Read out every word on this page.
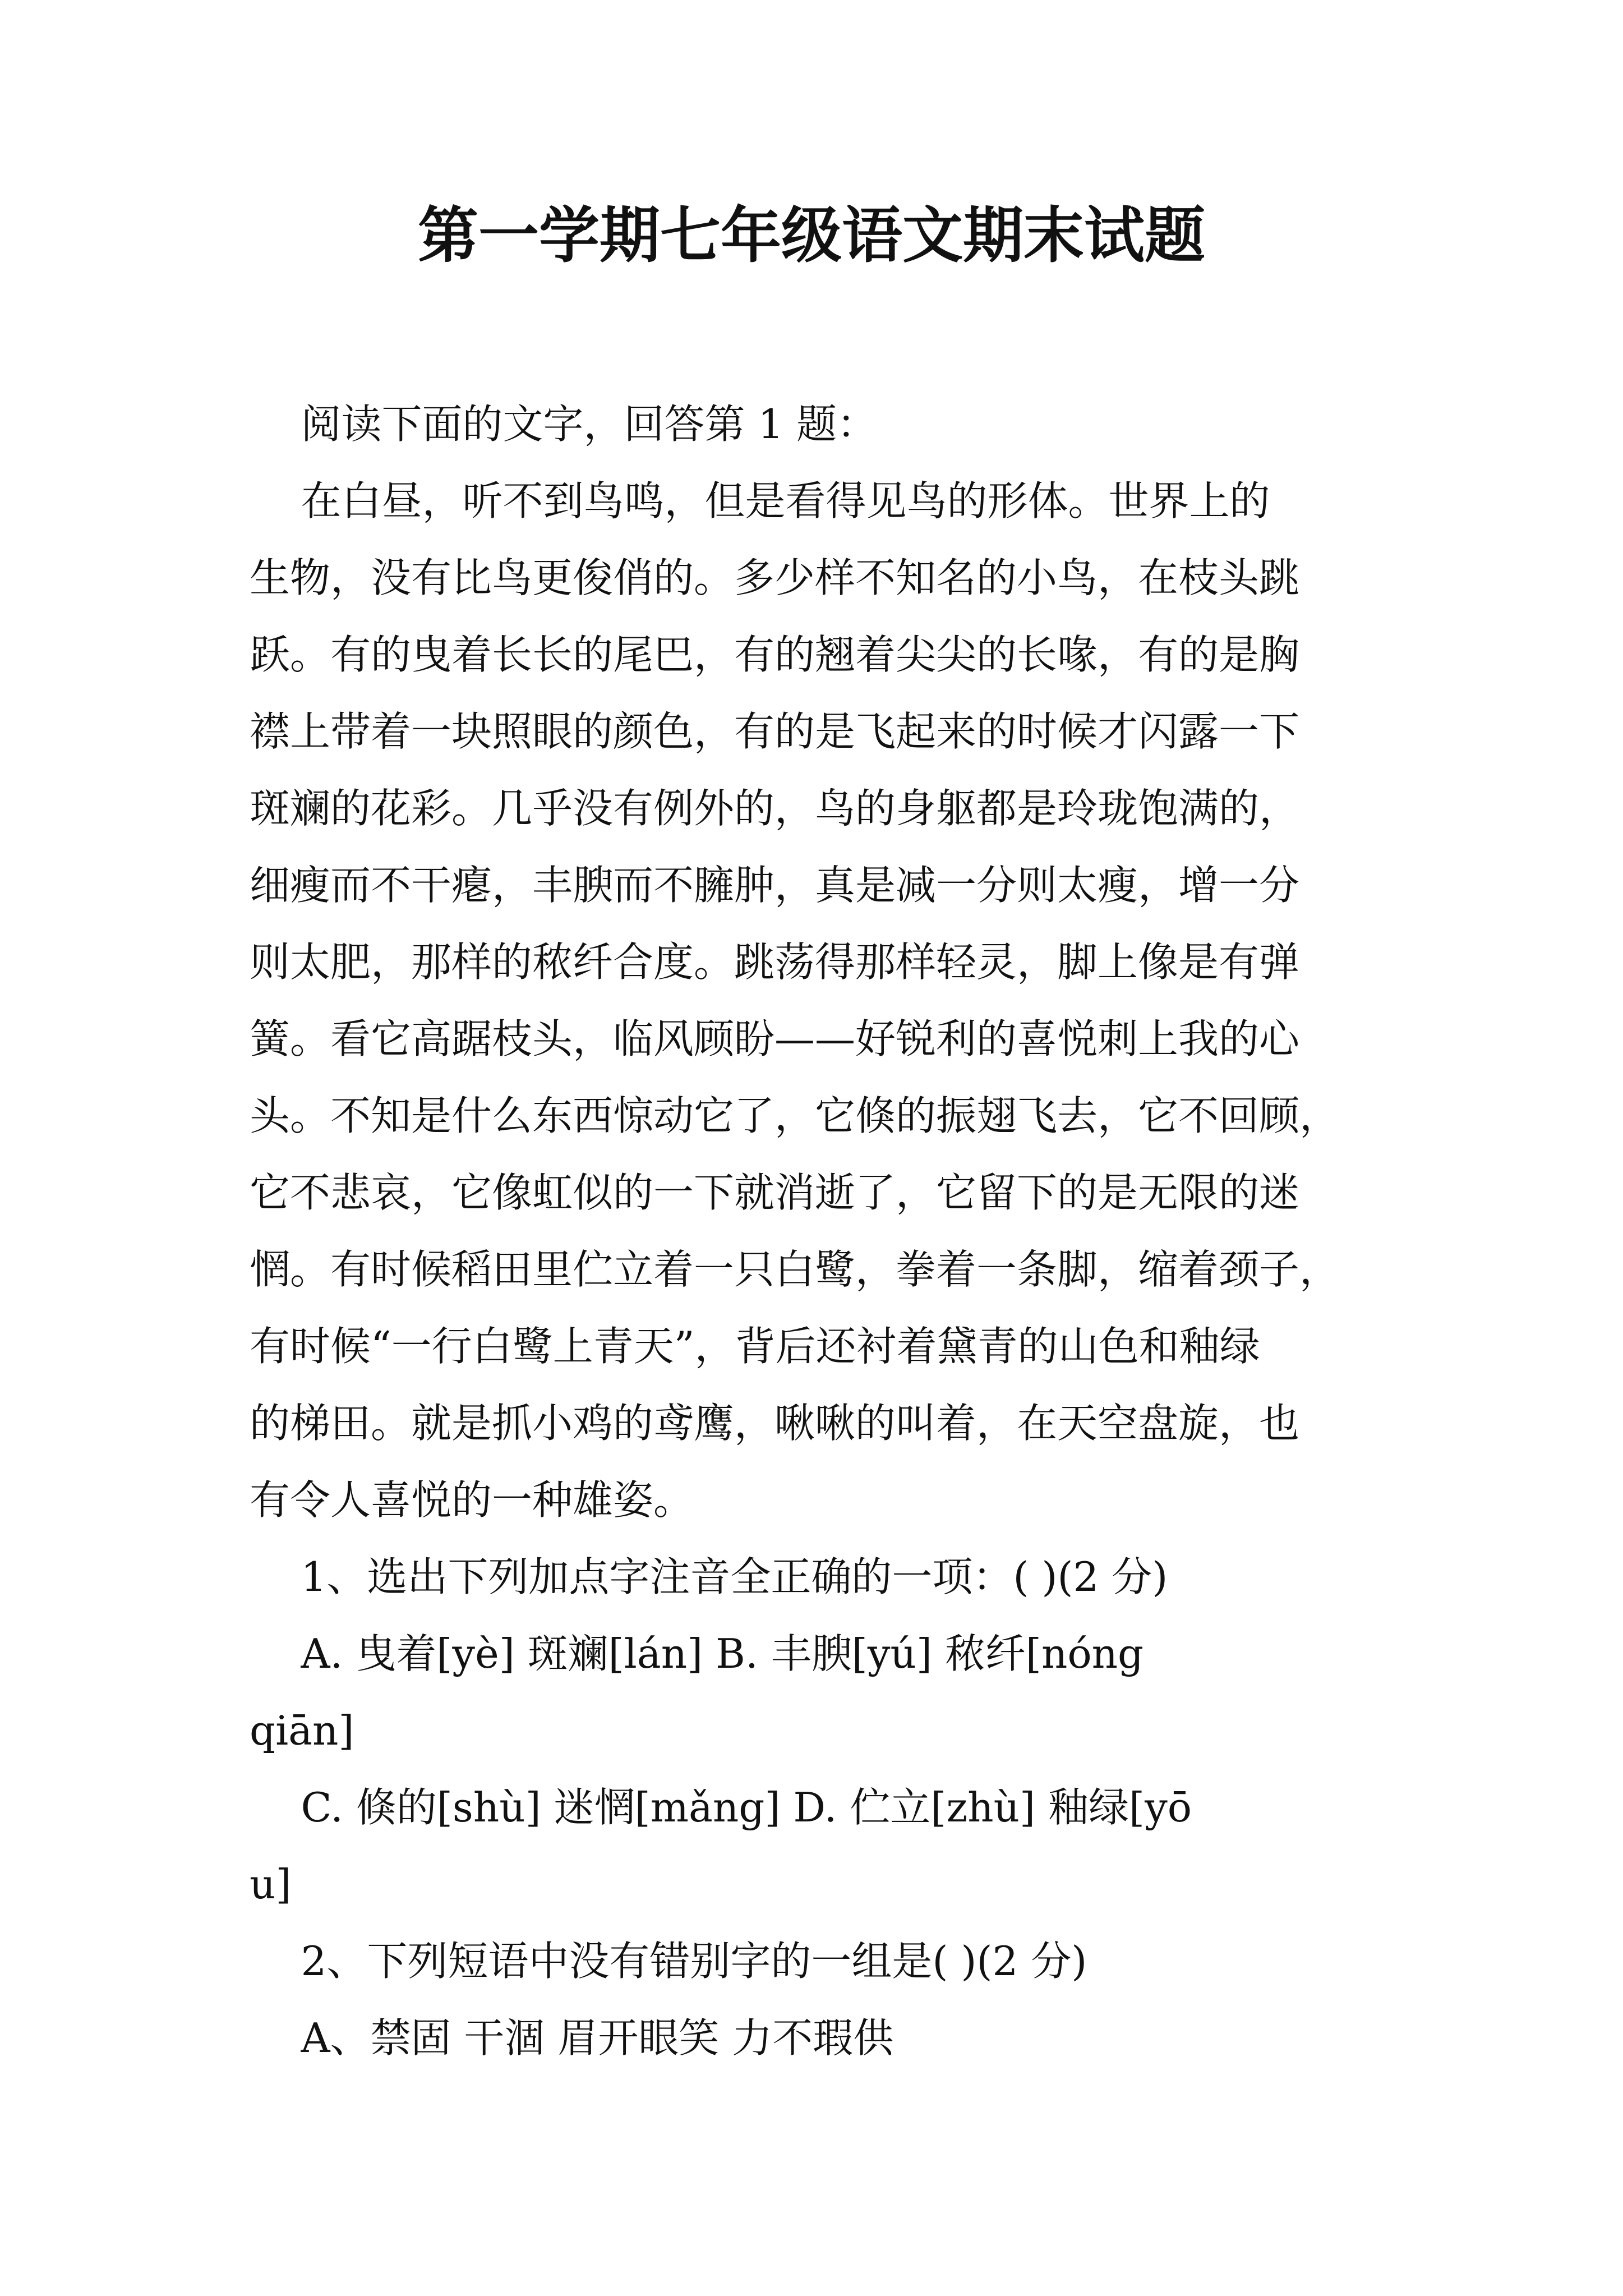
第一学期七年级语文期末试题

阅读下面的文字，回答第 1 题：

在白昼，听不到鸟鸣，但是看得见鸟的形体。世界上的

生物，没有比鸟更俊俏的。多少样不知名的小鸟，在枝头跳

跃。有的曳着长长的尾巴，有的翘着尖尖的长喙，有的是胸

襟上带着一块照眼的颜色，有的是飞起来的时候才闪露一下

斑斓的花彩。几乎没有例外的，鸟的身躯都是玲珑饱满的，

细瘦而不干瘪，丰腴而不臃肿，真是减一分则太瘦，增一分

则太肥，那样的秾纤合度。跳荡得那样轻灵，脚上像是有弹

簧。看它高踞枝头，临风顾盼——好锐利的喜悦刺上我的心

头。不知是什么东西惊动它了，它倏的振翅飞去，它不回顾，

它不悲哀，它像虹似的一下就消逝了，它留下的是无限的迷

惘。有时候稻田里伫立着一只白鹭，拳着一条脚，缩着颈子，

有时候“一行白鹭上青天”，背后还衬着黛青的山色和釉绿

的梯田。就是抓小鸡的鸢鹰，啾啾的叫着，在天空盘旋，也

有令人喜悦的一种雄姿。

1、选出下列加点字注音全正确的一项：( )(2 分)

A. 曳着[yè] 斑斓[lán] B. 丰腴[yú] 秾纤[nóng

qiān]

C. 倏的[shù] 迷惘[mǎng] D. 伫立[zhù] 釉绿[yō

u]

2、下列短语中没有错别字的一组是( )(2 分)

A、禁固 干涸 眉开眼笑 力不瑕供
